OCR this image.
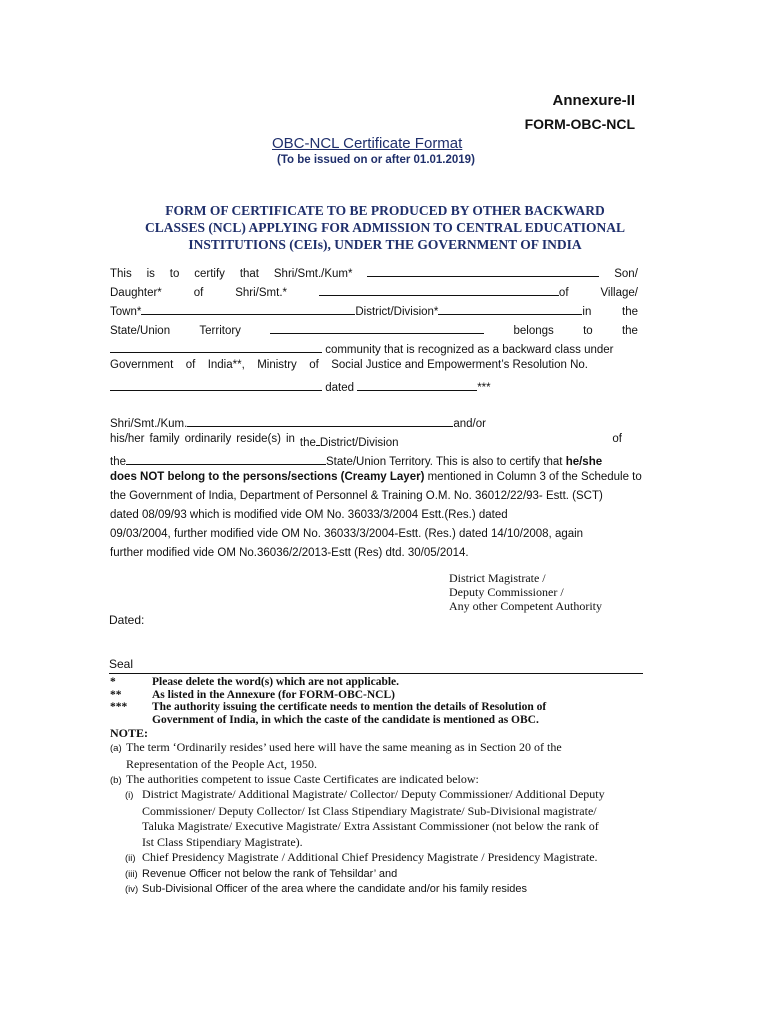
Annexure-II
FORM-OBC-NCL
OBC-NCL Certificate Format
(To be issued on or after 01.01.2019)
FORM OF CERTIFICATE TO BE PRODUCED BY OTHER BACKWARD
CLASSES (NCL) APPLYING FOR ADMISSION TO CENTRAL EDUCATIONAL
INSTITUTIONS (CEIs), UNDER THE GOVERNMENT OF INDIA
This is to certify that Shri/Smt./Kum*	Son/
Daughter*	of	Shri/Smt.*	of	Village/
Town*	District/Division*	in	the
State/Union	Territory	belongs	to	the
community that is recognized as a backward class under
Government of India**, Ministry of Social Justice and Empowerment’s Resolution No.
dated	***
Shri/Smt./Kum.	and/or
his/her family ordinarily reside(s) in the District/Division	of
the	State/Union Territory. This is also to certify that he/she
does NOT belong to the persons/sections (Creamy Layer) mentioned in Column 3 of the Schedule to
the Government of India, Department of Personnel & Training O.M. No. 36012/22/93- Estt. (SCT)
dated 08/09/93 which is modified vide OM No. 36033/3/2004 Estt.(Res.) dated
09/03/2004, further modified vide OM No. 36033/3/2004-Estt. (Res.) dated 14/10/2008, again
further modified vide OM No.36036/2/2013-Estt (Res) dtd. 30/05/2014.
District Magistrate /
Deputy Commissioner /
Any other Competent Authority
Dated:
Seal
*	Please delete the word(s) which are not applicable.
**	As listed in the Annexure (for FORM-OBC-NCL)
*** The authority issuing the certificate needs to mention the details of Resolution of
Government of India, in which the caste of the candidate is mentioned as OBC.
NOTE:
(a) The term ‘Ordinarily resides’ used here will have the same meaning as in Section 20 of the
Representation of the People Act, 1950.
(b) The authorities competent to issue Caste Certificates are indicated below:
(i) District Magistrate/ Additional Magistrate/ Collector/ Deputy Commissioner/ Additional Deputy
Commissioner/ Deputy Collector/ Ist Class Stipendiary Magistrate/ Sub-Divisional magistrate/
Taluka Magistrate/ Executive Magistrate/ Extra Assistant Commissioner (not below the rank of
Ist Class Stipendiary Magistrate).
(ii) Chief Presidency Magistrate / Additional Chief Presidency Magistrate / Presidency Magistrate.
(iii) Revenue Officer not below the rank of Tehsildar’ and
(iv) Sub-Divisional Officer of the area where the candidate and/or his family resides
